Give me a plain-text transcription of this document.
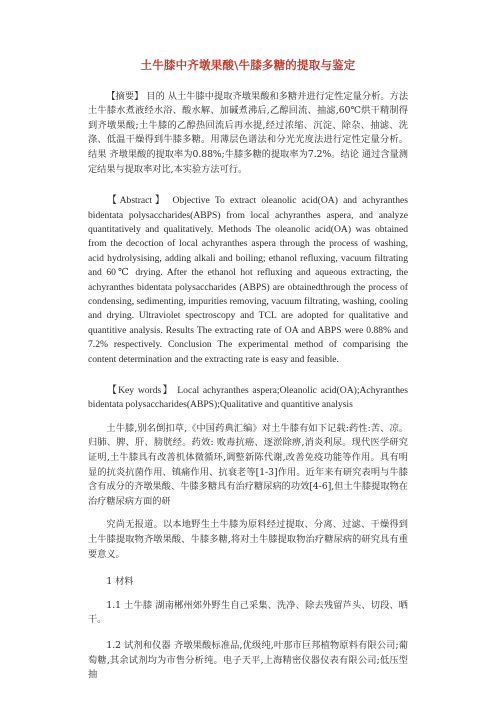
土牛膝中齐墩果酸\牛膝多糖的提取与鉴定

【摘要】 目的 从土牛膝中提取齐墩果酸和多糖并进行定性定量分析。方法 土牛膝水煮液经水浴、酸水解、加碱煮沸后,乙醇回流、抽滤,60℃烘干精制得到齐墩果酸;土牛膝的乙醇热回流后再水提,经过浓缩、沉淀、除杂、抽滤、洗涤、低温干燥得到牛膝多糖。用薄层色谱法和分光光度法进行定性定量分析。结果 齐墩果酸的提取率为0.88%;牛膝多糖的提取率为7.2%。结论 通过含量测定结果与提取率对比,本实验方法可行。

【Abstract】 Objective To extract oleanolic acid(OA) and achyranthes bidentata polysaccharides(ABPS) from local achyranthes aspera, and analyze quantitatively and qualitatively. Methods The oleanolic acid(OA) was obtained from the decoction of local achyranthes aspera through the process of washing, acid hydrolysising, adding alkali and boiling; ethanol refluxing, vacuum filtrating and 60℃ drying. After the ethanol hot refluxing and aqueous extracting, the achyranthes bidentata polysaccharides (ABPS) are obtainedthrough the process of condensing, sedimenting, impurities removing, vacuum filtrating, washing, cooling and drying. Ultraviolet spectroscopy and TCL are adopted for qualitative and quantitive analysis. Results The extracting rate of OA and ABPS were 0.88% and 7.2% respectively. Conclusion The experimental method of comparising the content determination and the extracting rate is easy and feasible.

【Key words】 Local achyranthes aspera;Oleanolic acid(OA);Achyranthes bidentata polysaccharides(ABPS);Qualitative and quantitive analysis

土牛膝,别名倒扣草,《中国药典汇编》对土牛膝有如下记载:药性:苦、凉。归肺、脾、肝、膀胱经。药效: 败毒抗癌、逐淤除痹,消炎利尿。现代医学研究证明,土牛膝具有改善机体微循环,调整新陈代谢,改善免疫功能等作用。具有明显的抗炎抗菌作用、镇痛作用、抗衰老等[1-3]作用。近年来有研究表明与牛膝含有成分的齐墩果酸、牛膝多糖具有治疗糖尿病的功效[4-6],但土牛膝提取物在治疗糖尿病方面的研

究尚无报道。以本地野生土牛膝为原料经过提取、分离、过滤、干燥得到土牛膝提取物齐墩果酸、牛膝多糖,将对土牛膝提取物治疗糖尿病的研究具有重要意义。

1 材料

1.1 土牛膝 湖南郴州郊外野生自己采集、洗净、除去残留芦头、切段、晒干。

1.2 试剂和仪器 齐墩果酸标准品,优级纯,叶那市巨邦植物原料有限公司;葡萄糖,其余试剂均为市售分析纯。电子天平,上海精密仪器仪表有限公司;低压型抽
